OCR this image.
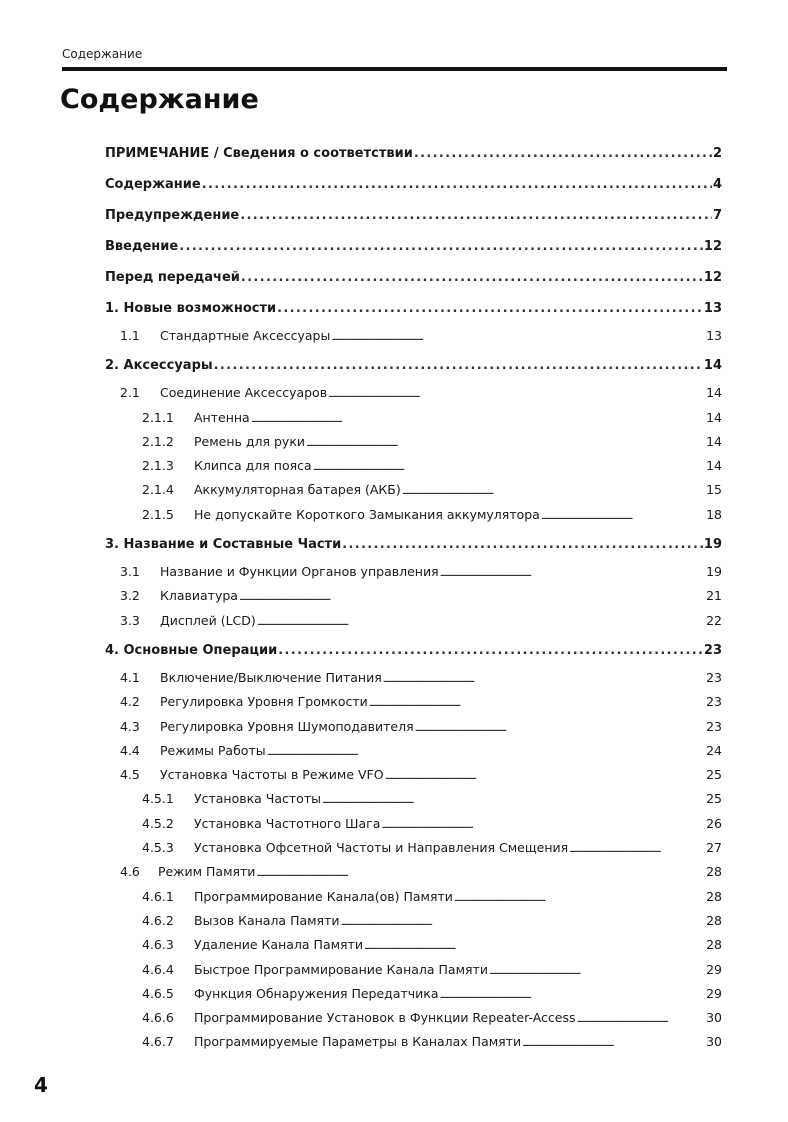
Содержание
Содержание
ПРИМЕЧАНИЕ / Сведения о соответствии . . .	2
Содержание . . .	4
Предупреждение . . .	7
Введение . . .	12
Перед передачей . . .	12
1. Новые возможности . . .	13
1.1	Стандартные Аксессуары . . .	13
2. Аксессуары . . .	14
2.1	Соединение Аксессуаров . . .	14
2.1.1	Антенна . . .	14
2.1.2	Ремень для руки . . .	14
2.1.3	Клипса для пояса . . .	14
2.1.4	Аккумуляторная батарея (АКБ) . . .	15
2.1.5	Не допускайте Короткого Замыкания аккумулятора . . .	18
3. Название и Составные Части . . .	19
3.1	Название и Функции Органов управления . . .	19
3.2	Клавиатура . . .	21
3.3	Дисплей (LCD) . . .	22
4. Основные Операции . . .	23
4.1	Включение/Выключение Питания . . .	23
4.2	Регулировка Уровня Громкости . . .	23
4.3	Регулировка Уровня Шумоподавителя . . .	23
4.4	Режимы Работы . . .	24
4.5	Установка Частоты в Режиме VFO . . .	25
4.5.1	Установка Частоты . . .	25
4.5.2	Установка Частотного Шага . . .	26
4.5.3	Установка Офсетной Частоты и Направления Смещения . . .	27
4.6	Режим Памяти . . .	28
4.6.1	Программирование Канала(ов) Памяти . . .	28
4.6.2	Вызов Канала Памяти . . .	28
4.6.3	Удаление Канала Памяти . . .	28
4.6.4	Быстрое Программирование Канала Памяти . . .	29
4.6.5	Функция Обнаружения Передатчика . . .	29
4.6.6	Программирование Установок в Функции Repeater-Access . . .	30
4.6.7	Программируемые Параметры в Каналах Памяти . . .	30
4
